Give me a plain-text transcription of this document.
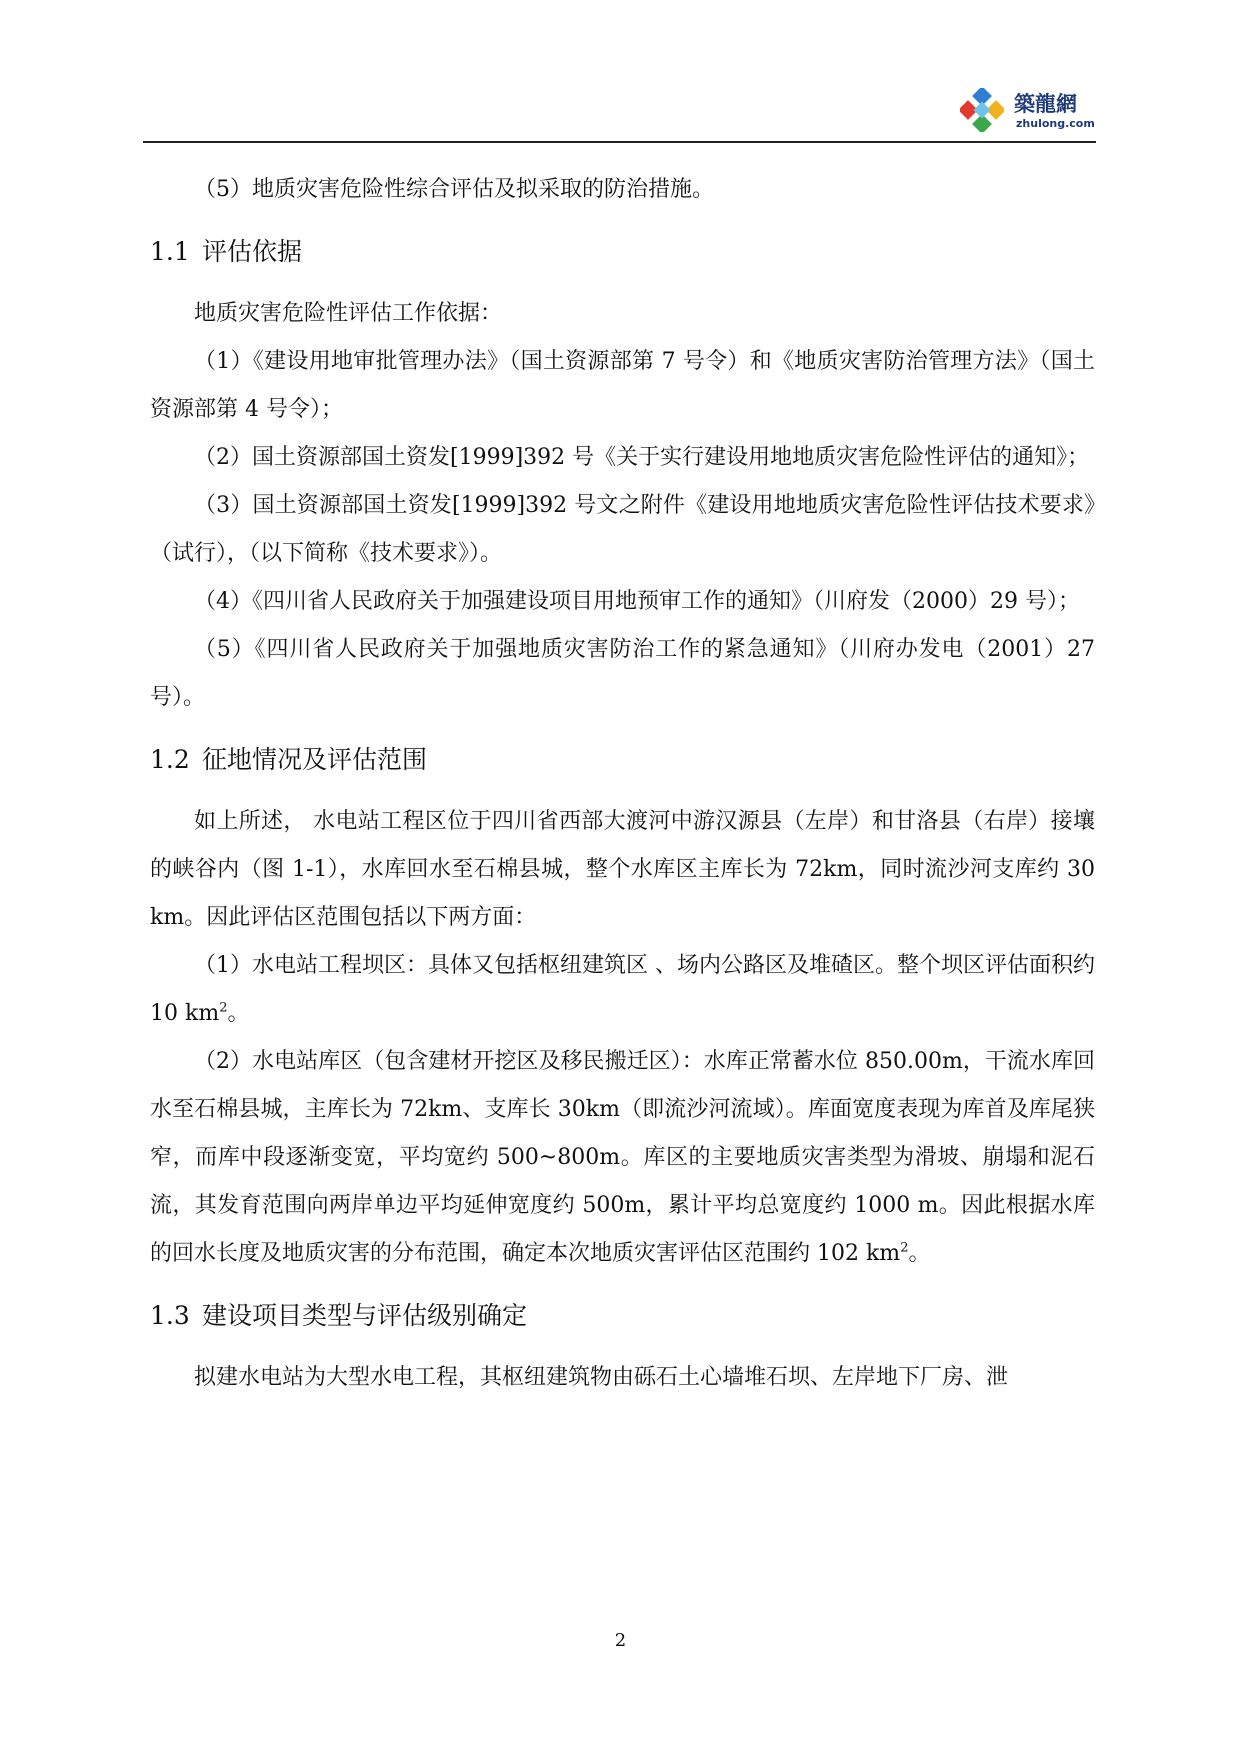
築龍網
zhulong.com

（5）地质灾害危险性综合评估及拟采取的防治措施。

1.1 评估依据

地质灾害危险性评估工作依据：

（1）《建设用地审批管理办法》（国土资源部第 7 号令）和《地质灾害防治管理方法》（国土资源部第 4 号令）；

（2）国土资源部国土资发[1999]392 号《关于实行建设用地地质灾害危险性评估的通知》；

（3）国土资源部国土资发[1999]392 号文之附件《建设用地地质灾害危险性评估技术要求》（试行），（以下简称《技术要求》）。

（4）《四川省人民政府关于加强建设项目用地预审工作的通知》（川府发（2000）29 号）；

（5）《四川省人民政府关于加强地质灾害防治工作的紧急通知》（川府办发电（2001）27 号）。

1.2 征地情况及评估范围

如上所述， 水电站工程区位于四川省西部大渡河中游汉源县（左岸）和甘洛县（右岸）接壤的峡谷内（图 1-1），水库回水至石棉县城，整个水库区主库长为 72km，同时流沙河支库约 30 km。因此评估区范围包括以下两方面：

（1）水电站工程坝区：具体又包括枢纽建筑区 、场内公路区及堆碴区。整个坝区评估面积约 10 $km^2$。

（2）水电站库区（包含建材开挖区及移民搬迁区）：水库正常蓄水位 850.00m，干流水库回水至石棉县城，主库长为 72km、支库长 30km（即流沙河流域）。库面宽度表现为库首及库尾狭窄，而库中段逐渐变宽，平均宽约 500~800m。库区的主要地质灾害类型为滑坡、崩塌和泥石流，其发育范围向两岸单边平均延伸宽度约 500m，累计平均总宽度约 1000 m。因此根据水库的回水长度及地质灾害的分布范围，确定本次地质灾害评估区范围约 102 $km^2$。

1.3 建设项目类型与评估级别确定

拟建水电站为大型水电工程，其枢纽建筑物由砾石土心墙堆石坝、左岸地下厂房、泄

2
